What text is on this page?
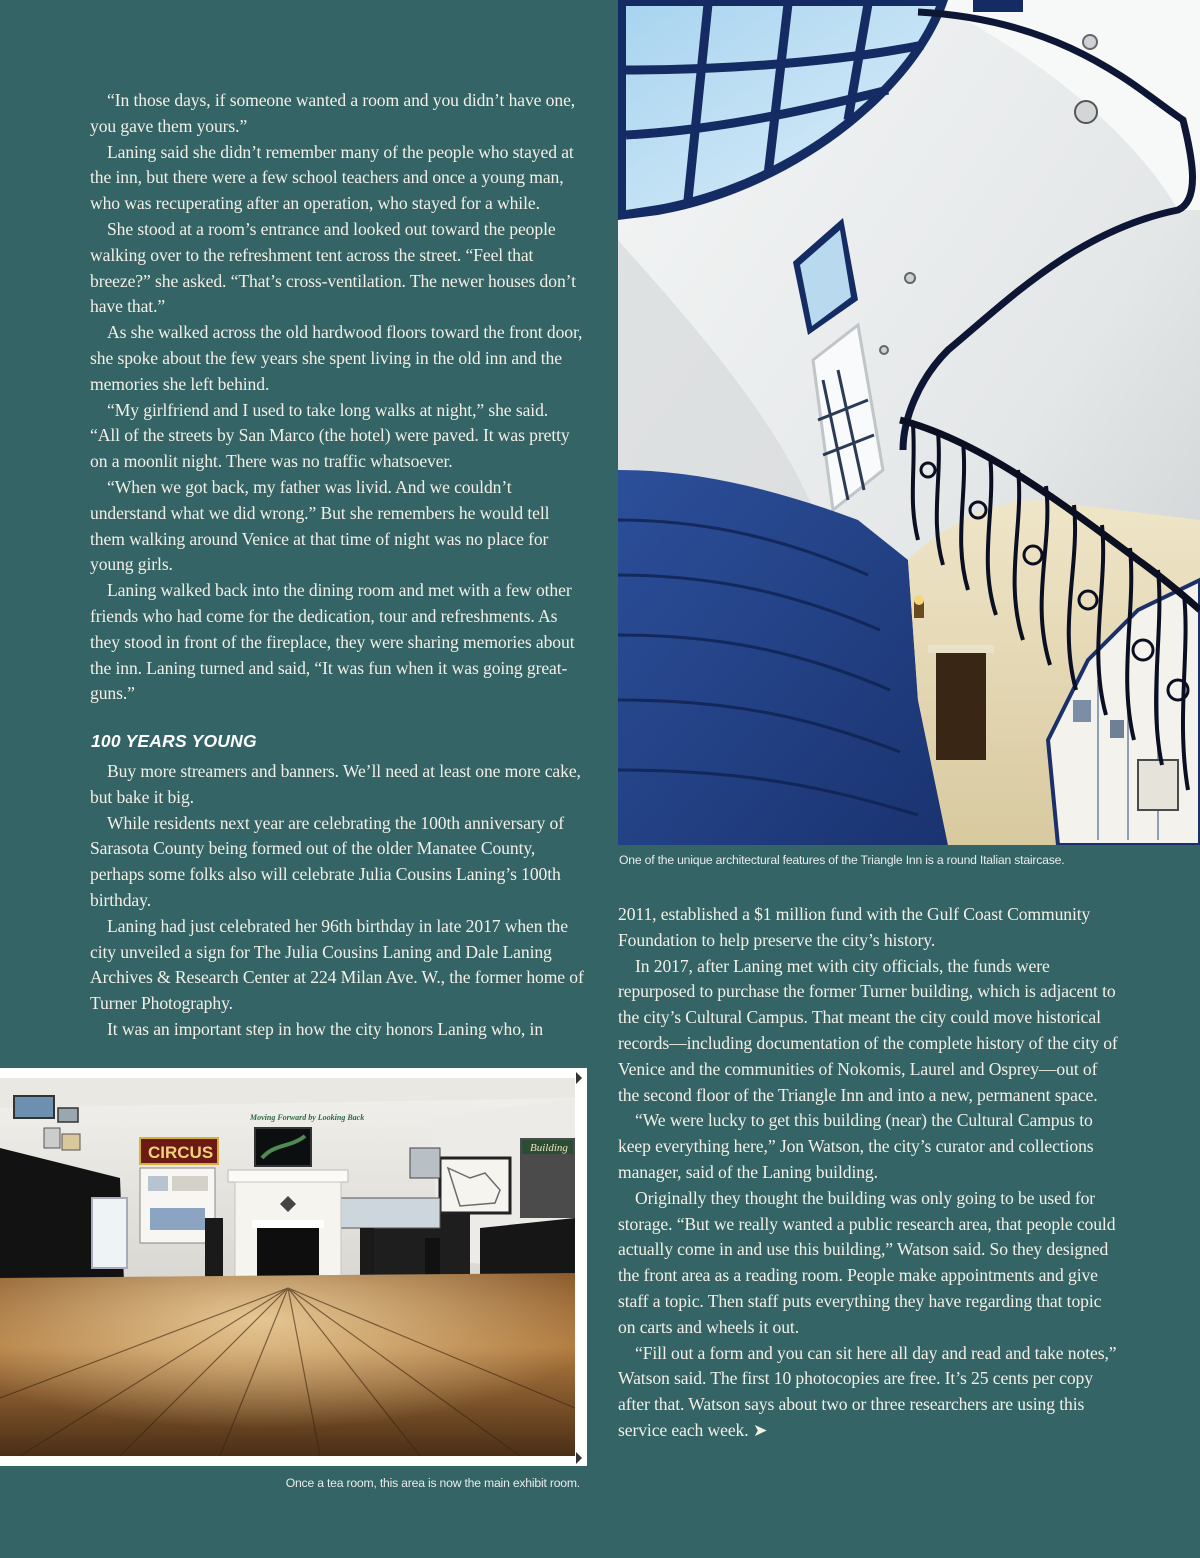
One of the unique architectural features of the Triangle Inn is a round Italian staircase.

“In those days, if someone wanted a room and you didn’t have one, you gave them yours.”

Laning said she didn’t remember many of the people who stayed at the inn, but there were a few school teachers and once a young man, who was recuperating after an operation, who stayed for a while.

She stood at a room’s entrance and looked out toward the people walking over to the refreshment tent across the street. “Feel that breeze?” she asked. “That’s cross-ventilation. The newer houses don’t have that.”

As she walked across the old hardwood floors toward the front door, she spoke about the few years she spent living in the old inn and the memories she left behind.

“My girlfriend and I used to take long walks at night,” she said.

“All of the streets by San Marco (the hotel) were paved. It was pretty on a moonlit night. There was no traffic whatsoever.

“When we got back, my father was livid. And we couldn’t understand what we did wrong.” But she remembers he would tell them walking around Venice at that time of night was no place for young girls.

Laning walked back into the dining room and met with a few other friends who had come for the dedication, tour and refreshments. As they stood in front of the fireplace, they were sharing memories about the inn. Laning turned and said, “It was fun when it was going great-guns.”

100 YEARS YOUNG

Buy more streamers and banners. We’ll need at least one more cake, but bake it big.

While residents next year are celebrating the 100th anniversary of Sarasota County being formed out of the older Manatee County, perhaps some folks also will celebrate Julia Cousins Laning’s 100th birthday.

Laning had just celebrated her 96th birthday in late 2017 when the city unveiled a sign for The Julia Cousins Laning and Dale Laning Archives & Research Center at 224 Milan Ave. W., the former home of Turner Photography.

It was an important step in how the city honors Laning who, in

2011, established a $1 million fund with the Gulf Coast Community Foundation to help preserve the city’s history.

In 2017, after Laning met with city officials, the funds were repurposed to purchase the former Turner building, which is adjacent to the city’s Cultural Campus. That meant the city could move historical records—including documentation of the complete history of the city of Venice and the communities of Nokomis, Laurel and Osprey—out of the second floor of the Triangle Inn and into a new, permanent space.

“We were lucky to get this building (near) the Cultural Campus to keep everything here,” Jon Watson, the city’s curator and collections manager, said of the Laning building.

Originally they thought the building was only going to be used for storage. “But we really wanted a public research area, that people could actually come in and use this building,” Watson said. So they designed the front area as a reading room. People make appointments and give staff a topic. Then staff puts everything they have regarding that topic on carts and wheels it out.

“Fill out a form and you can sit here all day and read and take notes,” Watson said. The first 10 photocopies are free. It’s 25 cents per copy after that. Watson says about two or three researchers are using this service each week. ➤

Building
CIRCUS
Moving Forward by Looking Back
Once a tea room, this area is now the main exhibit room.
